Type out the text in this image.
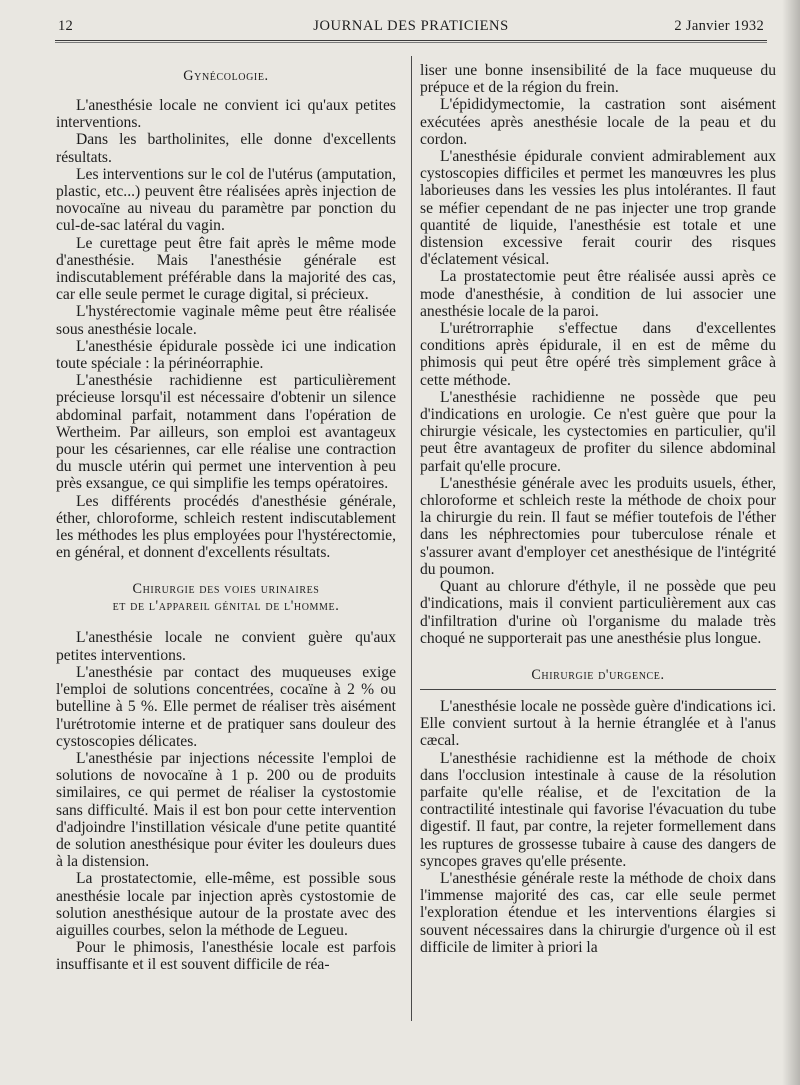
12	JOURNAL DES PRATICIENS	2 Janvier 1932
Gynécologie.

L'anesthésie locale ne convient ici qu'aux petites interventions.

Dans les bartholinites, elle donne d'excellents résultats.

Les interventions sur le col de l'utérus (amputation, plastic, etc...) peuvent être réalisées après injection de novocaïne au niveau du paramètre par ponction du cul-de-sac latéral du vagin.

Le curettage peut être fait après le même mode d'anesthésie. Mais l'anesthésie générale est indiscutablement préférable dans la majorité des cas, car elle seule permet le curage digital, si précieux.

L'hystérectomie vaginale même peut être réalisée sous anesthésie locale.

L'anesthésie épidurale possède ici une indication toute spéciale : la périnéorraphie.

L'anesthésie rachidienne est particulièrement précieuse lorsqu'il est nécessaire d'obtenir un silence abdominal parfait, notamment dans l'opération de Wertheim. Par ailleurs, son emploi est avantageux pour les césariennes, car elle réalise une contraction du muscle utérin qui permet une intervention à peu près exsangue, ce qui simplifie les temps opératoires.

Les différents procédés d'anesthésie générale, éther, chloroforme, schleich restent indiscutablement les méthodes les plus employées pour l'hystérectomie, en général, et donnent d'excellents résultats.

Chirurgie des voies urinaires
et de l'appareil génital de l'homme.

L'anesthésie locale ne convient guère qu'aux petites interventions.

L'anesthésie par contact des muqueuses exige l'emploi de solutions concentrées, cocaïne à 2 % ou butelline à 5 %. Elle permet de réaliser très aisément l'urétrotomie interne et de pratiquer sans douleur des cystoscopies délicates.

L'anesthésie par injections nécessite l'emploi de solutions de novocaïne à 1 p. 200 ou de produits similaires, ce qui permet de réaliser la cystostomie sans difficulté. Mais il est bon pour cette intervention d'adjoindre l'instillation vésicale d'une petite quantité de solution anesthésique pour éviter les douleurs dues à la distension.

La prostatectomie, elle-même, est possible sous anesthésie locale par injection après cystostomie de solution anesthésique autour de la prostate avec des aiguilles courbes, selon la méthode de Legueu.

Pour le phimosis, l'anesthésie locale est parfois insuffisante et il est souvent difficile de réa-

liser une bonne insensibilité de la face muqueuse du prépuce et de la région du frein.

L'épididymectomie, la castration sont aisément exécutées après anesthésie locale de la peau et du cordon.

L'anesthésie épidurale convient admirablement aux cystoscopies difficiles et permet les manœuvres les plus laborieuses dans les vessies les plus intolérantes. Il faut se méfier cependant de ne pas injecter une trop grande quantité de liquide, l'anesthésie est totale et une distension excessive ferait courir des risques d'éclatement vésical.

La prostatectomie peut être réalisée aussi après ce mode d'anesthésie, à condition de lui associer une anesthésie locale de la paroi.

L'urétrorraphie s'effectue dans d'excellentes conditions après épidurale, il en est de même du phimosis qui peut être opéré très simplement grâce à cette méthode.

L'anesthésie rachidienne ne possède que peu d'indications en urologie. Ce n'est guère que pour la chirurgie vésicale, les cystectomies en particulier, qu'il peut être avantageux de profiter du silence abdominal parfait qu'elle procure.

L'anesthésie générale avec les produits usuels, éther, chloroforme et schleich reste la méthode de choix pour la chirurgie du rein. Il faut se méfier toutefois de l'éther dans les néphrectomies pour tuberculose rénale et s'assurer avant d'employer cet anesthésique de l'intégrité du poumon.

Quant au chlorure d'éthyle, il ne possède que peu d'indications, mais il convient particulièrement aux cas d'infiltration d'urine où l'organisme du malade très choqué ne supporterait pas une anesthésie plus longue.

Chirurgie d'urgence.

L'anesthésie locale ne possède guère d'indications ici. Elle convient surtout à la hernie étranglée et à l'anus cæcal.

L'anesthésie rachidienne est la méthode de choix dans l'occlusion intestinale à cause de la résolution parfaite qu'elle réalise, et de l'excitation de la contractilité intestinale qui favorise l'évacuation du tube digestif. Il faut, par contre, la rejeter formellement dans les ruptures de grossesse tubaire à cause des dangers de syncopes graves qu'elle présente.

L'anesthésie générale reste la méthode de choix dans l'immense majorité des cas, car elle seule permet l'exploration étendue et les interventions élargies si souvent nécessaires dans la chirurgie d'urgence où il est difficile de limiter à priori la
